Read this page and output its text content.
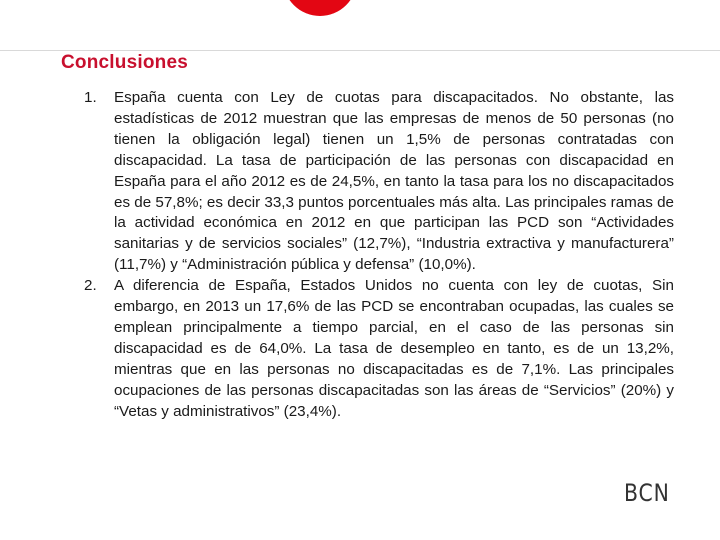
Conclusiones
1. España cuenta con Ley de cuotas para discapacitados. No obstante, las estadísticas de 2012 muestran que las empresas de menos de 50 personas (no tienen la obligación legal) tienen un 1,5% de personas contratadas con discapacidad. La tasa de participación de las personas con discapacidad en España para el año 2012 es de 24,5%, en tanto la tasa para los no discapacitados es de 57,8%; es decir 33,3 puntos porcentuales más alta. Las principales ramas de la actividad económica en 2012 en que participan las PCD son “Actividades sanitarias y de servicios sociales” (12,7%), “Industria extractiva y manufacturera” (11,7%) y “Administración pública y defensa” (10,0%).
2. A diferencia de España, Estados Unidos no cuenta con ley de cuotas, Sin embargo, en 2013 un 17,6% de las PCD se encontraban ocupadas, las cuales se emplean principalmente a tiempo parcial, en el caso de las personas sin discapacidad es de 64,0%. La tasa de desempleo en tanto, es de un 13,2%, mientras que en las personas no discapacitadas es de 7,1%. Las principales ocupaciones de las personas discapacitadas son las áreas de “Servicios” (20%) y “Vetas y administrativos” (23,4%).
BCN
